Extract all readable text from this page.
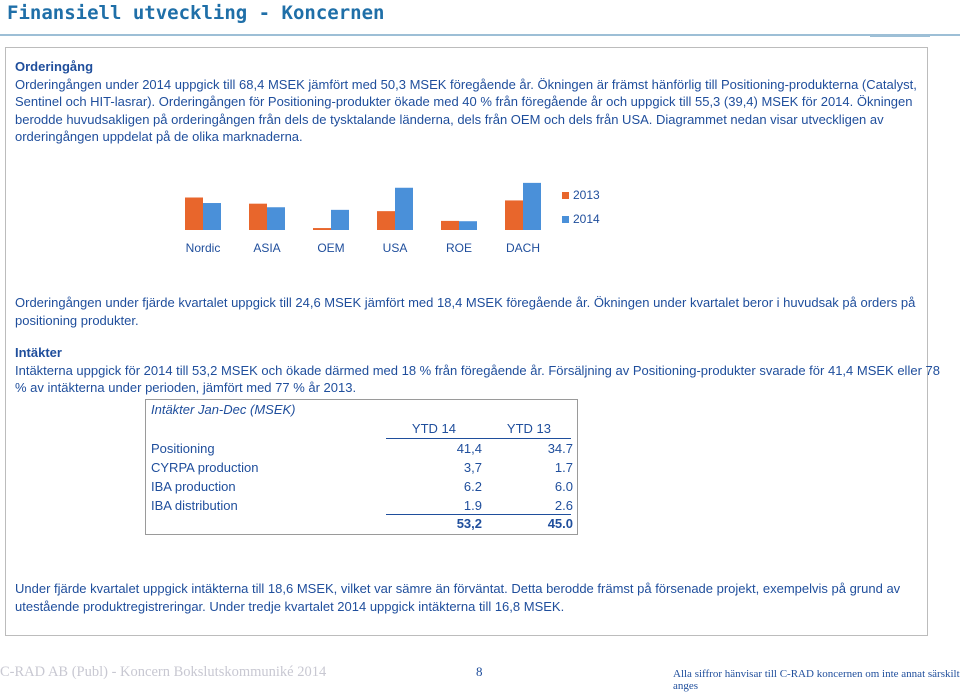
Finansiell utveckling - Koncernen

Orderingång

Orderingången under 2014 uppgick till 68,4 MSEK jämfört med 50,3 MSEK föregående år. Ökningen är främst hänförlig till Positioning-produkterna (Catalyst,

Sentinel och HIT-lasrar). Orderingången för Positioning-produkter ökade med 40 % från föregående år och uppgick till 55,3 (39,4) MSEK för 2014. Ökningen

berodde huvudsakligen på orderingången från dels de tysktalande länderna, dels från OEM och dels från USA. Diagrammet nedan visar utveckligen av

orderingången uppdelat på de olika marknaderna.

Nordic	ASIA	OEM	USA	ROE	DACH
2013
2014

Orderingången under fjärde kvartalet uppgick till 24,6 MSEK jämfört med 18,4 MSEK föregående år. Ökningen under kvartalet beror i huvudsak på orders på

positioning produkter.

Intäkter

Intäkterna uppgick för 2014 till 53,2 MSEK och ökade därmed med 18 % från föregående år. Försäljning av Positioning-produkter svarade för 41,4 MSEK eller 78

% av intäkterna under perioden, jämfört med 77 % år 2013.

Intäkter Jan-Dec (MSEK)
YTD 14	YTD 13
Positioning	41,4	34.7
CYRPA production	3,7	1.7
IBA production	6.2	6.0
IBA distribution	1.9	2.6
53,2	45.0

Under fjärde kvartalet uppgick intäkterna till 18,6 MSEK, vilket var sämre än förväntat. Detta berodde främst på försenade projekt, exempelvis på grund av

utestående produktregistreringar. Under tredje kvartalet 2014 uppgick intäkterna till 16,8 MSEK.

C-RAD AB (Publ) - Koncern Bokslutskommuniké 2014	8	Alla siffror hänvisar till C-RAD koncernen om inte annat särskilt anges
